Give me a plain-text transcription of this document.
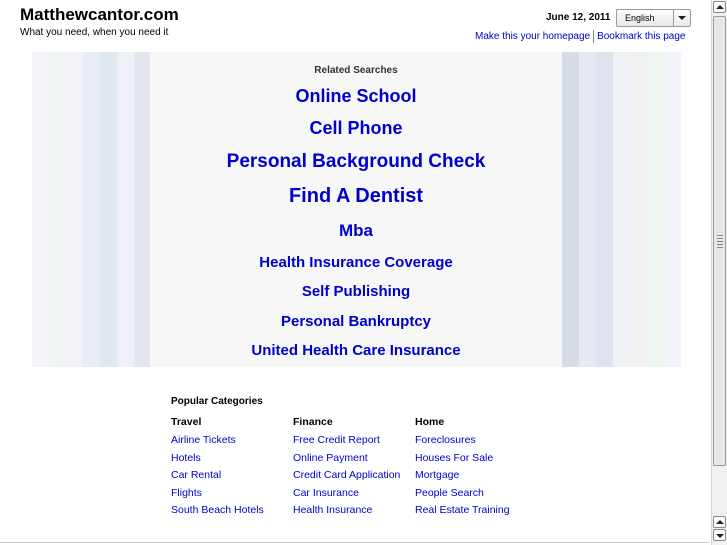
Matthewcantor.com
What you need, when you need it
June 12, 2011 English
Make this your homepage Bookmark this page
Related Searches
Online School
Cell Phone
Personal Background Check
Find A Dentist
Mba
Health Insurance Coverage
Self Publishing
Personal Bankruptcy
United Health Care Insurance
Popular Categories
Travel
Airline Tickets
Hotels
Car Rental
Flights
South Beach Hotels
Finance
Free Credit Report
Online Payment
Credit Card Application
Car Insurance
Health Insurance
Home
Foreclosures
Houses For Sale
Mortgage
People Search
Real Estate Training
